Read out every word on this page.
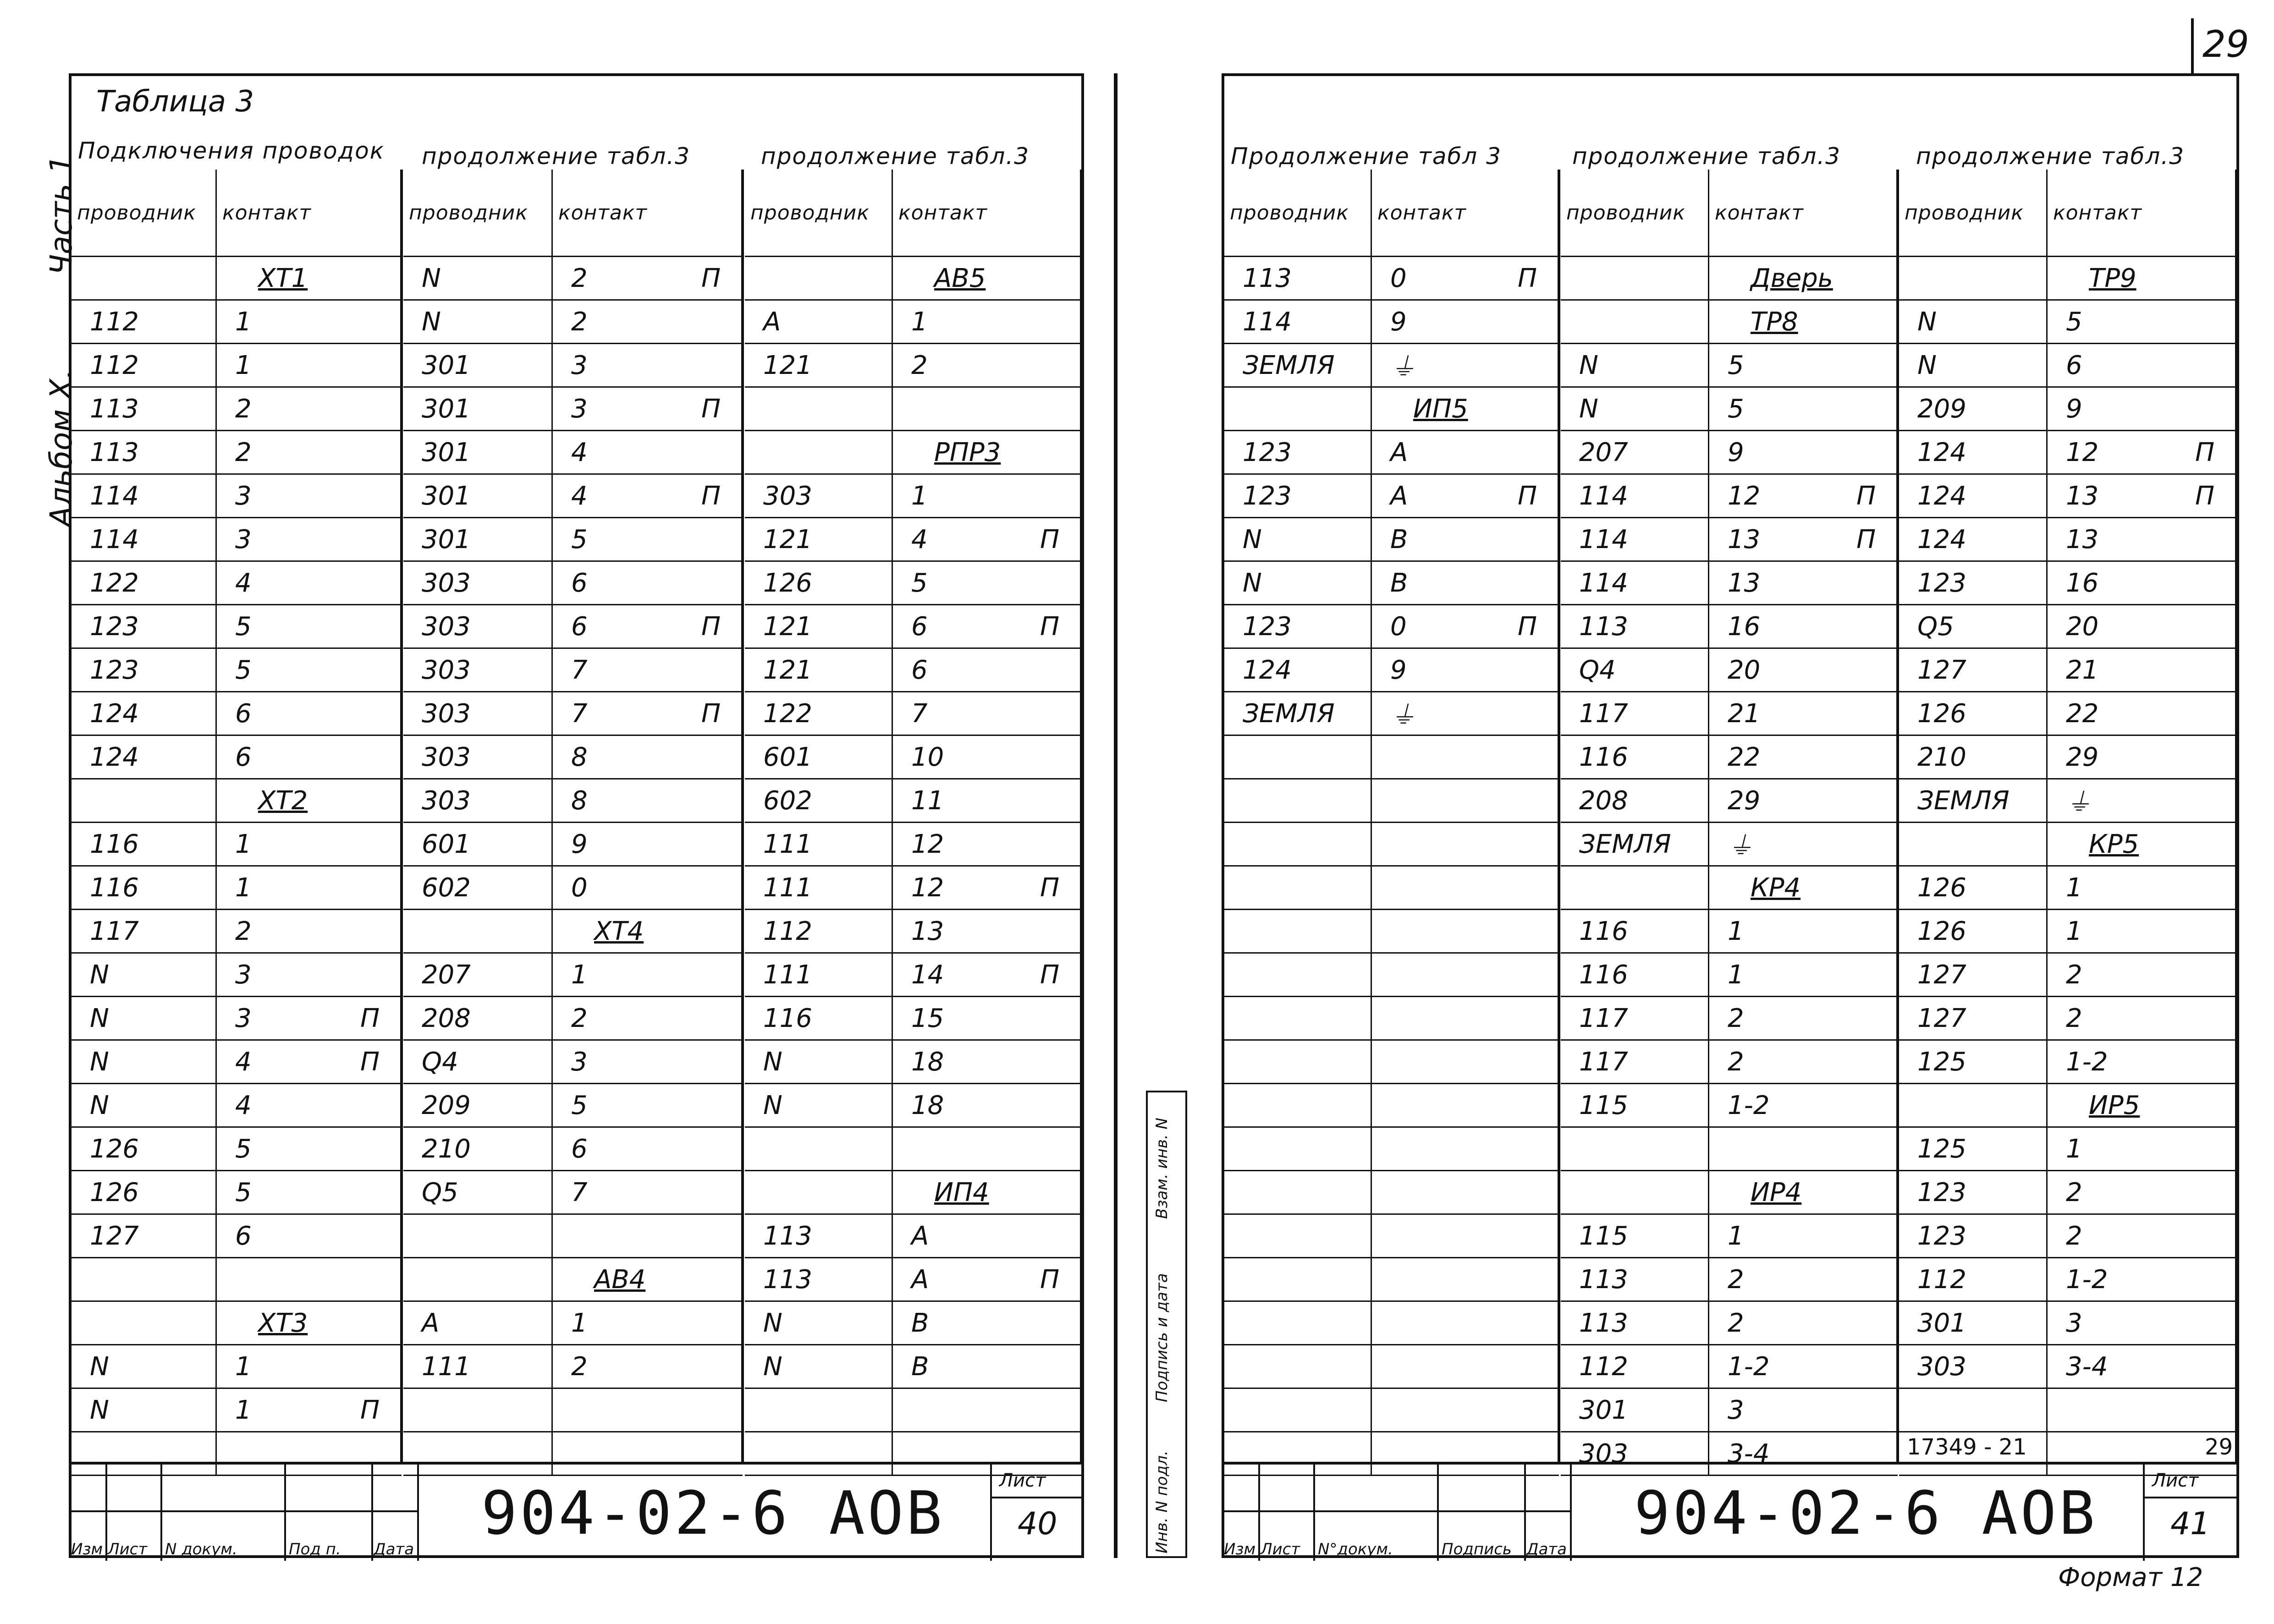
29
Часть 1
Альбом X.
Таблица 3
Подключения проводок продолжение табл.3	продолжение табл.3
проводник	контакт	
	XT1	
112	1	
112	1	
113	2	
113	2	
114	3	
114	3	
122	4	
123	5	
123	5	
124	6	
124	6	
	XT2	
116	1	
116	1	
117	2	
N	3	
N	3	П
N	4	П
N	4	
126	5	
126	5	
127	6	

	XT3	
N	1	
N	1	П

проводник	контакт	
N	2	П
N	2	
301	3	
301	3	П
301	4	
301	4	П
301	5	
303	6	
303	6	П
303	7	
303	7	П
303	8	
303	8	
601	9	
602	0	
	XT4	
207	1	
208	2	
Q4	3	
209	5	
210	6	
Q5	7	

	AB4	
A	1	
111	2	

проводник	контакт	
	AB5	
A	1	
121	2	

	РПР3	
303	1	
121	4	П
126	5	
121	6	П
121	6	
122	7	
601	10	
602	11	
111	12	
111	12	П
112	13	
111	14	П
116	15	
N	18	
N	18	

	ИП4	
113	A	
113	A	П
N	B	
N	B	

Изм Лист N докум.	Под п. Дата
904-02-6 АОВ	Лист
40
Продолжение табл 3	продолжение табл.3	продолжение табл.3
проводник	контакт	
113	0	П
114	9	
ЗЕМЛЯ	⏚	
	ИП5	
123	A	
123	A	П
N	B	
N	B	
123	0	П
124	9	
ЗЕМЛЯ	⏚	

проводник	контакт	
	Дверь	
	ТР8	
N	5	
N	5	
207	9	
114	12	П
114	13	П
114	13	
113	16	
Q4	20	
117	21	
116	22	
208	29	
ЗЕМЛЯ	⏚	
	КР4	
116	1	
116	1	
117	2	
117	2	
115	1-2	

	ИР4	
115	1	
113	2	
113	2	
112	1-2	
301	3	
303	3-4	
проводник	контакт	
	ТР9	
N	5	
N	6	
209	9	
124	12	П
124	13	П
124	13	
123	16	
Q5	20	
127	21	
126	22	
210	29	
ЗЕМЛЯ	⏚	
	КР5	
126	1	
126	1	
127	2	
127	2	
125	1-2	
	ИР5	
125	1	
123	2	
123	2	
112	1-2	
301	3	
303	3-4	

17349 - 21	29
Инв. N подл.
Подпись и дата
Взам. инв. N
Изм Лист N°докум.	Подпись Дата
904-02-6 АОВ	Лист
41
Формат 12
